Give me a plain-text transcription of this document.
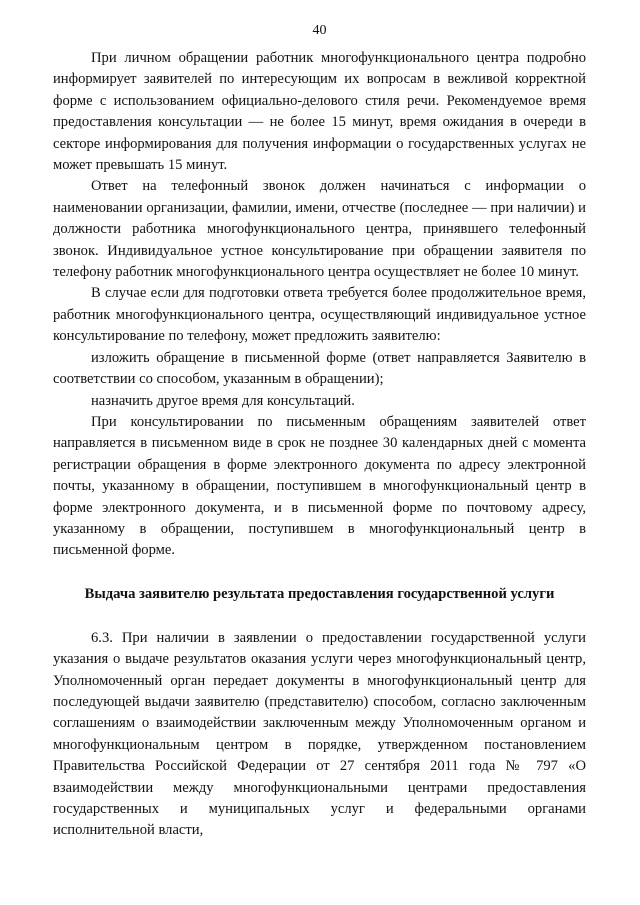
40

При личном обращении работник многофункционального центра подробно информирует заявителей по интересующим их вопросам в вежливой корректной форме с использованием официально-делового стиля речи. Рекомендуемое время предоставления консультации — не более 15 минут, время ожидания в очереди в секторе информирования для получения информации о государственных услугах не может превышать 15 минут.

Ответ на телефонный звонок должен начинаться с информации о наименовании организации, фамилии, имени, отчестве (последнее — при наличии) и должности работника многофункционального центра, принявшего телефонный звонок. Индивидуальное устное консультирование при обращении заявителя по телефону работник многофункционального центра осуществляет не более 10 минут.

В случае если для подготовки ответа требуется более продолжительное время, работник многофункционального центра, осуществляющий индивидуальное устное консультирование по телефону, может предложить заявителю:

изложить обращение в письменной форме (ответ направляется Заявителю в соответствии со способом, указанным в обращении);

назначить другое время для консультаций.

При консультировании по письменным обращениям заявителей ответ направляется в письменном виде в срок не позднее 30 календарных дней с момента регистрации обращения в форме электронного документа по адресу электронной почты, указанному в обращении, поступившем в многофункциональный центр в форме электронного документа, и в письменной форме по почтовому адресу, указанному в обращении, поступившем в многофункциональный центр в письменной форме.

Выдача заявителю результата предоставления государственной услуги

6.3. При наличии в заявлении о предоставлении государственной услуги указания о выдаче результатов оказания услуги через многофункциональный центр, Уполномоченный орган передает документы в многофункциональный центр для последующей выдачи заявителю (представителю) способом, согласно заключенным соглашениям о взаимодействии заключенным между Уполномоченным органом и многофункциональным центром в порядке, утвержденном постановлением Правительства Российской Федерации от 27 сентября 2011 года № 797 «О взаимодействии между многофункциональными центрами предоставления государственных и муниципальных услуг и федеральными органами исполнительной власти,
